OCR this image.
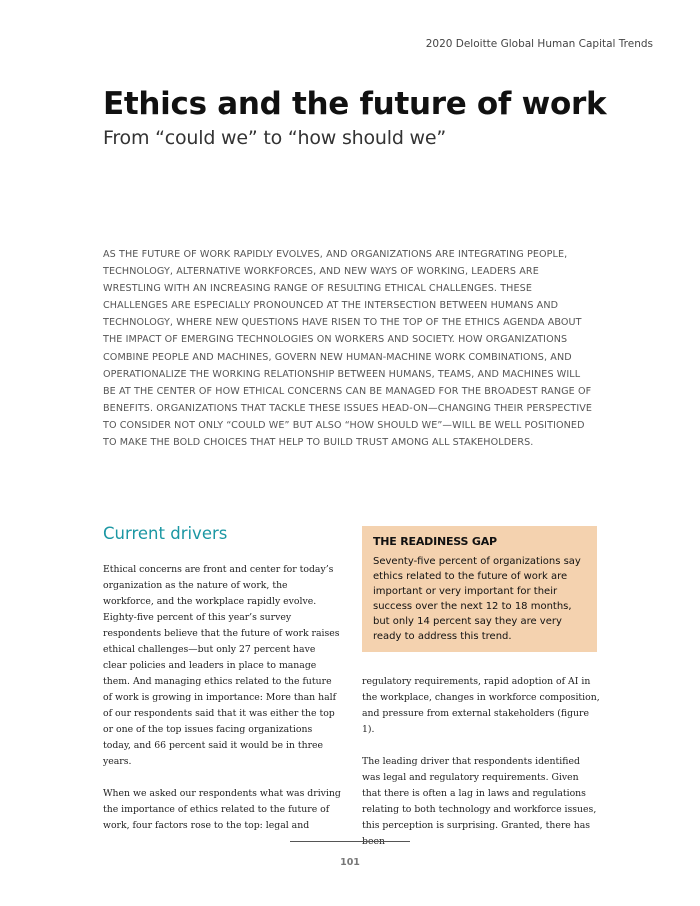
2020 Deloitte Global Human Capital Trends
Ethics and the future of work
From “could we” to “how should we”

AS THE FUTURE OF WORK RAPIDLY EVOLVES, AND ORGANIZATIONS ARE INTEGRATING PEOPLE, TECHNOLOGY, ALTERNATIVE WORKFORCES, AND NEW WAYS OF WORKING, LEADERS ARE WRESTLING WITH AN INCREASING RANGE OF RESULTING ETHICAL CHALLENGES. THESE CHALLENGES ARE ESPECIALLY PRONOUNCED AT THE INTERSECTION BETWEEN HUMANS AND TECHNOLOGY, WHERE NEW QUESTIONS HAVE RISEN TO THE TOP OF THE ETHICS AGENDA ABOUT THE IMPACT OF EMERGING TECHNOLOGIES ON WORKERS AND SOCIETY. HOW ORGANIZATIONS COMBINE PEOPLE AND MACHINES, GOVERN NEW HUMAN-MACHINE WORK COMBINATIONS, AND OPERATIONALIZE THE WORKING RELATIONSHIP BETWEEN HUMANS, TEAMS, AND MACHINES WILL BE AT THE CENTER OF HOW ETHICAL CONCERNS CAN BE MANAGED FOR THE BROADEST RANGE OF BENEFITS. ORGANIZATIONS THAT TACKLE THESE ISSUES HEAD-ON—CHANGING THEIR PERSPECTIVE TO CONSIDER NOT ONLY “COULD WE” BUT ALSO “HOW SHOULD WE”—WILL BE WELL POSITIONED TO MAKE THE BOLD CHOICES THAT HELP TO BUILD TRUST AMONG ALL STAKEHOLDERS.

Current drivers	THE READINESS GAP

Seventy-five percent of organizations say ethics related to the future of work are important or very important for their success over the next 12 to 18 months, but only 14 percent say they are very ready to address this trend.

Ethical concerns are front and center for today’s organization as the nature of work, the workforce, and the workplace rapidly evolve. Eighty-five percent of this year’s survey respondents believe that the future of work raises ethical challenges—but only 27 percent have clear policies and leaders in place to manage them. And managing ethics related to the future of work is growing in importance: More than half of our respondents said that it was either the top or one of the top issues facing organizations today, and 66 percent said it would be in three years.

When we asked our respondents what was driving the importance of ethics related to the future of work, four factors rose to the top: legal and

regulatory requirements, rapid adoption of AI in the workplace, changes in workforce composition, and pressure from external stakeholders (figure 1).

The leading driver that respondents identified was legal and regulatory requirements. Given that there is often a lag in laws and regulations relating to both technology and workforce issues, this perception is surprising. Granted, there has been

101
